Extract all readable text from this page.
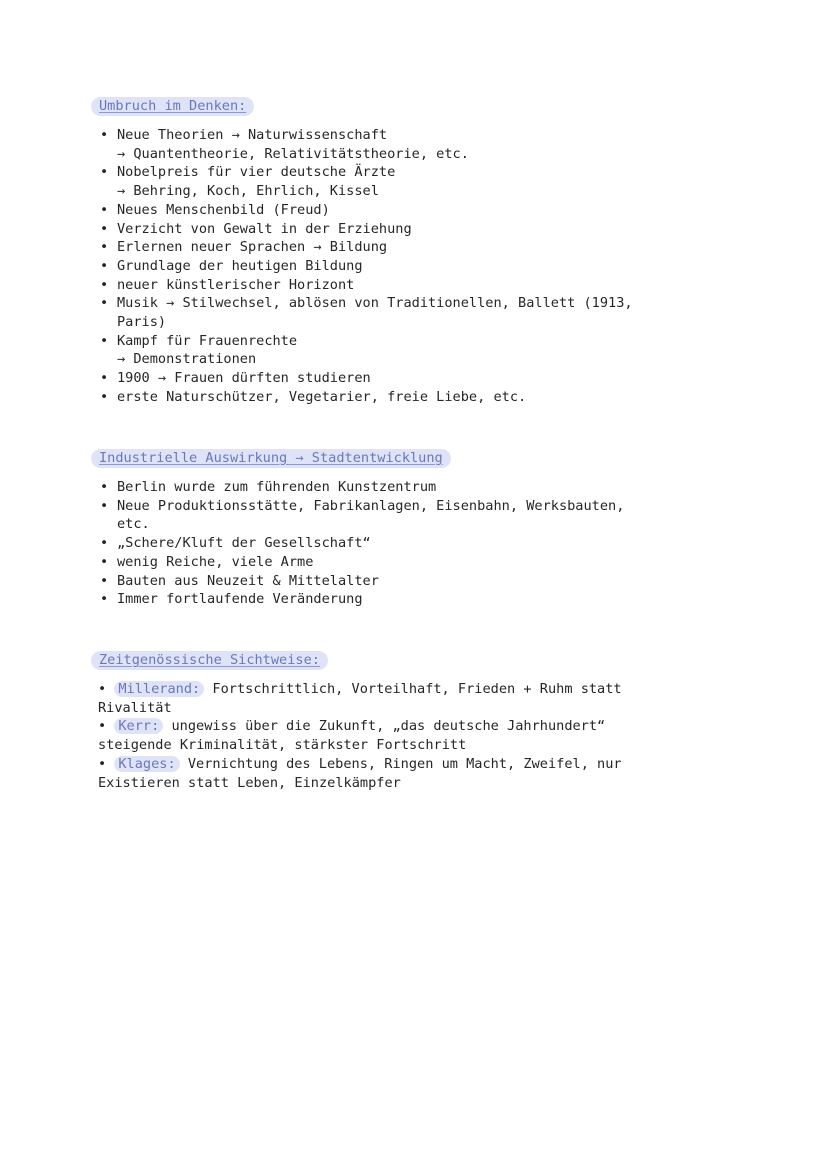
Umbruch im Denken:
• Neue Theorien → Naturwissenschaft
→ Quantentheorie, Relativitätstheorie, etc.
• Nobelpreis für vier deutsche Ärzte
→ Behring, Koch, Ehrlich, Kissel
• Neues Menschenbild (Freud)
• Verzicht von Gewalt in der Erziehung
• Erlernen neuer Sprachen → Bildung
• Grundlage der heutigen Bildung
• neuer künstlerischer Horizont
• Musik → Stilwechsel, ablösen von Traditionellen, Ballett (1913,
Paris)
• Kampf für Frauenrechte
→ Demonstrationen
• 1900 → Frauen dürften studieren
• erste Naturschützer, Vegetarier, freie Liebe, etc.
Industrielle Auswirkung → Stadtentwicklung
• Berlin wurde zum führenden Kunstzentrum
• Neue Produktionsstätte, Fabrikanlagen, Eisenbahn, Werksbauten,
etc.
• „Schere/Kluft der Gesellschaft“
• wenig Reiche, viele Arme
• Bauten aus Neuzeit & Mittelalter
• Immer fortlaufende Veränderung
Zeitgenössische Sichtweise:
• Millerand: Fortschrittlich, Vorteilhaft, Frieden + Ruhm statt
Rivalität
• Kerr: ungewiss über die Zukunft, „das deutsche Jahrhundert“
steigende Kriminalität, stärkster Fortschritt
• Klages: Vernichtung des Lebens, Ringen um Macht, Zweifel, nur
Existieren statt Leben, Einzelkämpfer
